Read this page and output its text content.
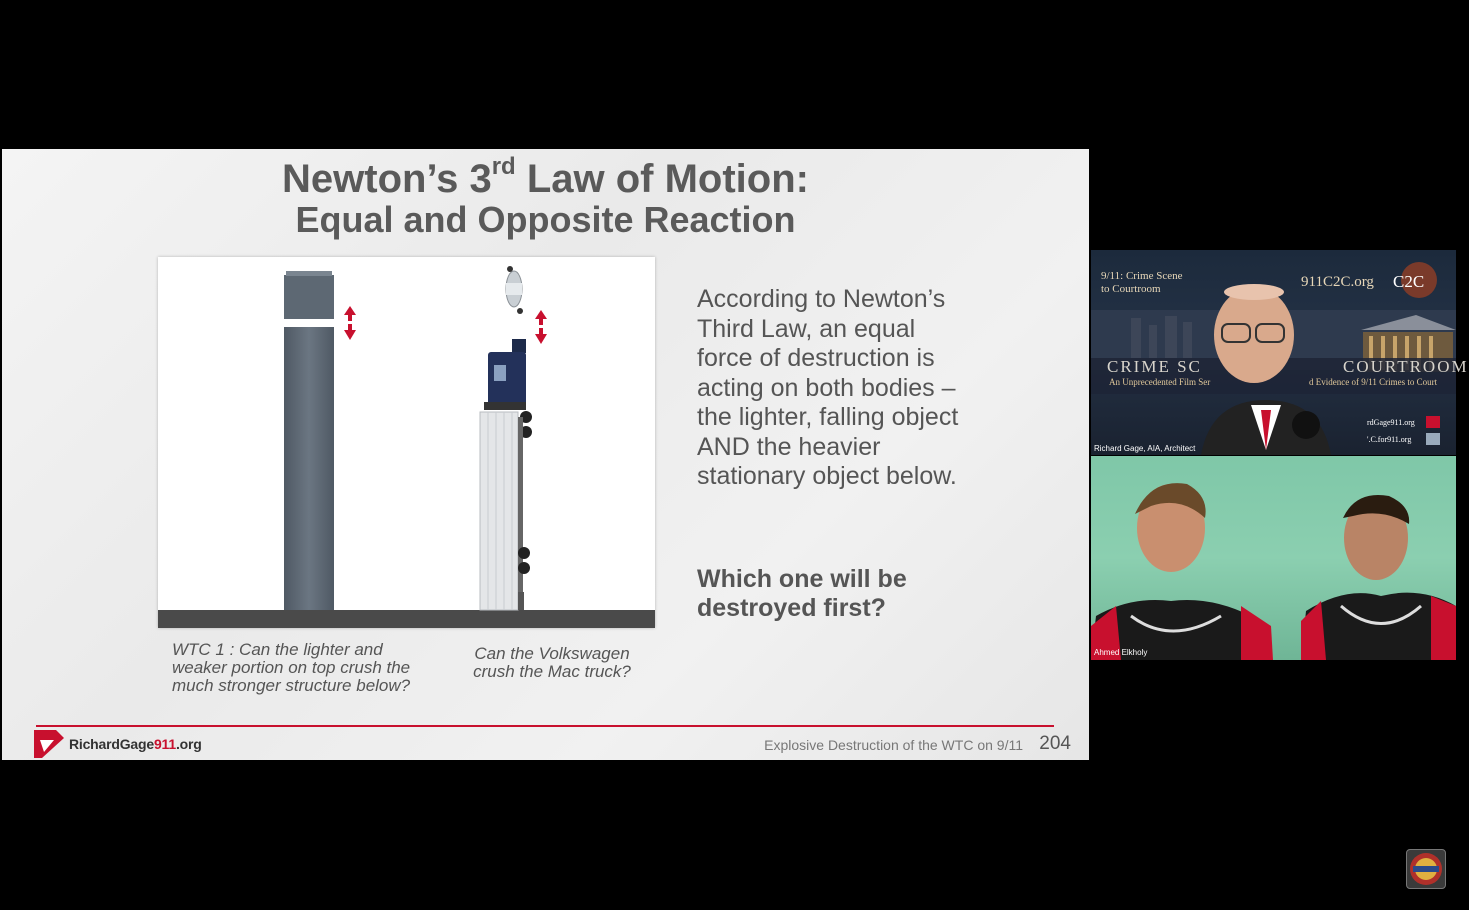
Newton’s 3rd Law of Motion:
Equal and Opposite Reaction
WTC 1 : Can the lighter and weaker portion on top crush the much stronger structure below?
Can the Volkswagen crush the Mac truck?
According to Newton’s Third Law, an equal force of destruction is acting on both bodies – the lighter, falling object AND the heavier stationary object below.
Which one will be destroyed first?
RichardGage911.org	Explosive Destruction of the WTC on 9/11 204
9/11: Crime Scene to Courtroom	911C2C.org C2C
CRIME SC	COURTROOM
An Unprecedented Film Ser	d Evidence of 9/11 Crimes to Court
rdGage911.org
'.C.for911.org
Richard Gage, AIA, Architect
Ahmed Elkholy
